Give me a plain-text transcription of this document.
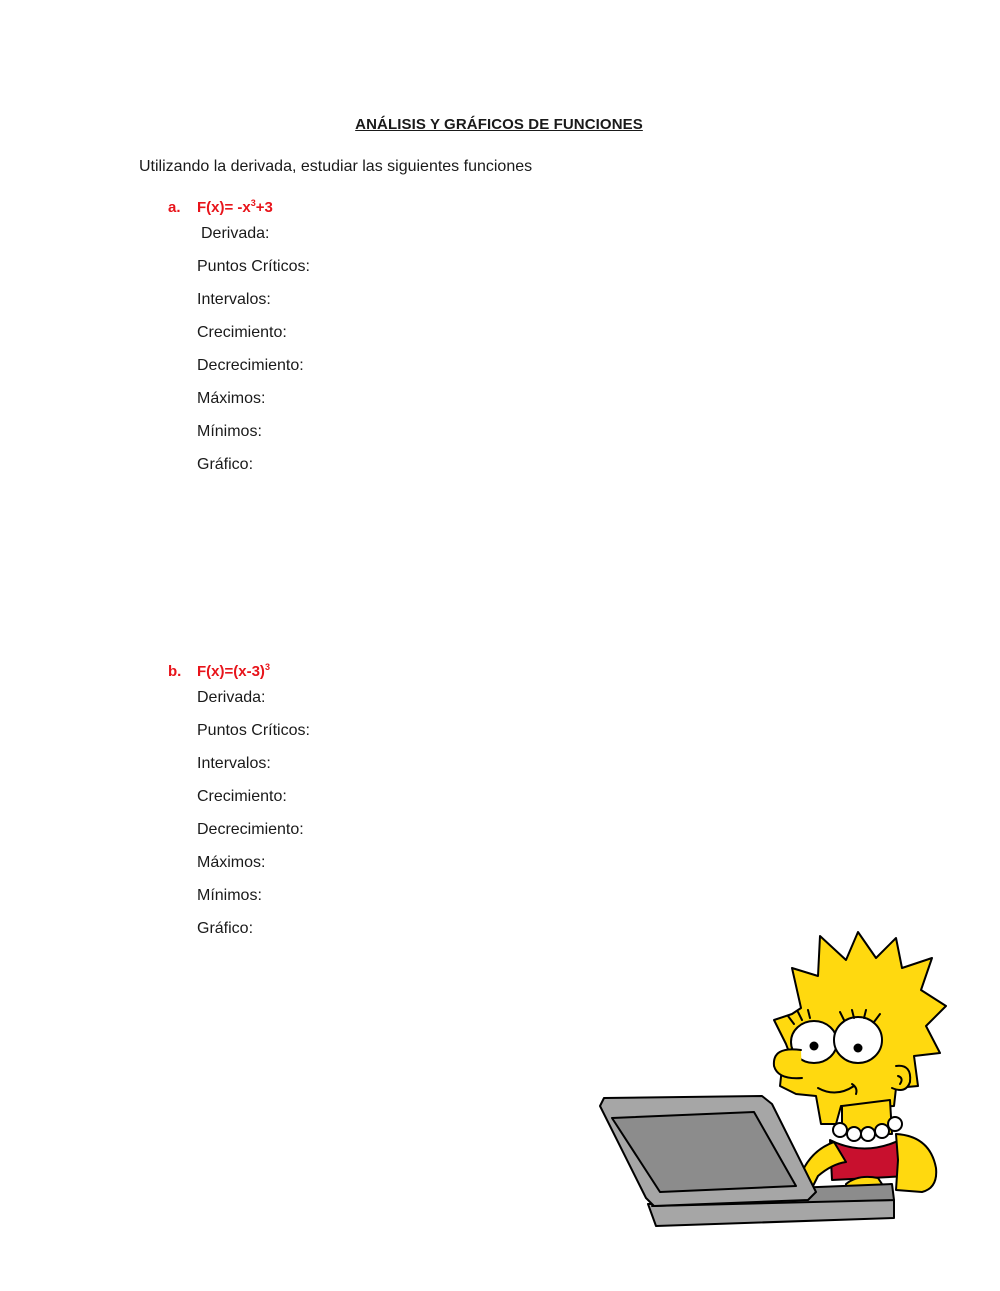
ANÁLISIS Y GRÁFICOS DE FUNCIONES
Utilizando la derivada, estudiar las siguientes funciones
a. $F(x)= -x^3+3$
Derivada:
Puntos Críticos:
Intervalos:
Crecimiento:
Decrecimiento:
Máximos:
Mínimos:
Gráfico:
b. $F(x)=(x-3)^3$
Derivada:
Puntos Críticos:
Intervalos:
Crecimiento:
Decrecimiento:
Máximos:
Mínimos:
Gráfico:
